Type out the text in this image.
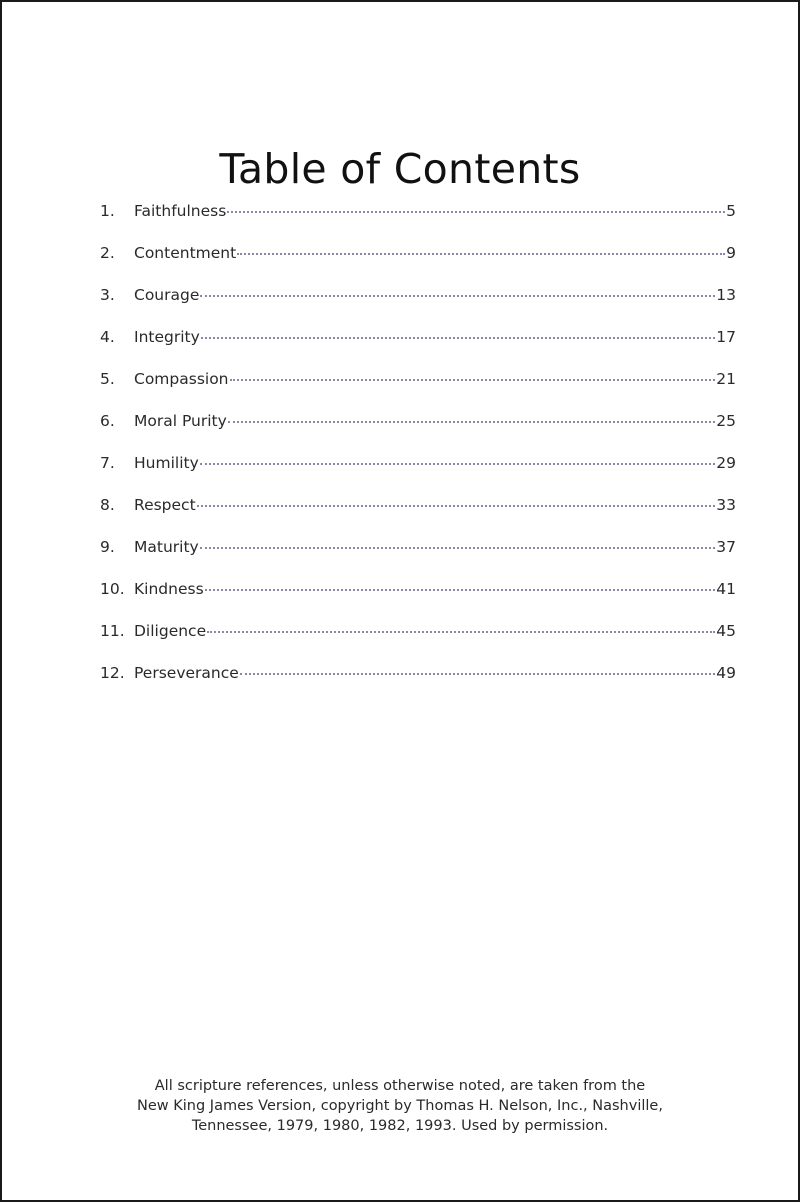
Table of Contents
1.	Faithfulness	5
2.	Contentment	9
3.	Courage	13
4.	Integrity	17
5.	Compassion	21
6.	Moral Purity	25
7.	Humility	29
8.	Respect	33
9.	Maturity	37
10. Kindness	41
11. Diligence	45
12. Perseverance	49
All scripture references, unless otherwise noted, are taken from the
New King James Version, copyright by Thomas H. Nelson, Inc., Nashville,
Tennessee, 1979, 1980, 1982, 1993. Used by permission.
